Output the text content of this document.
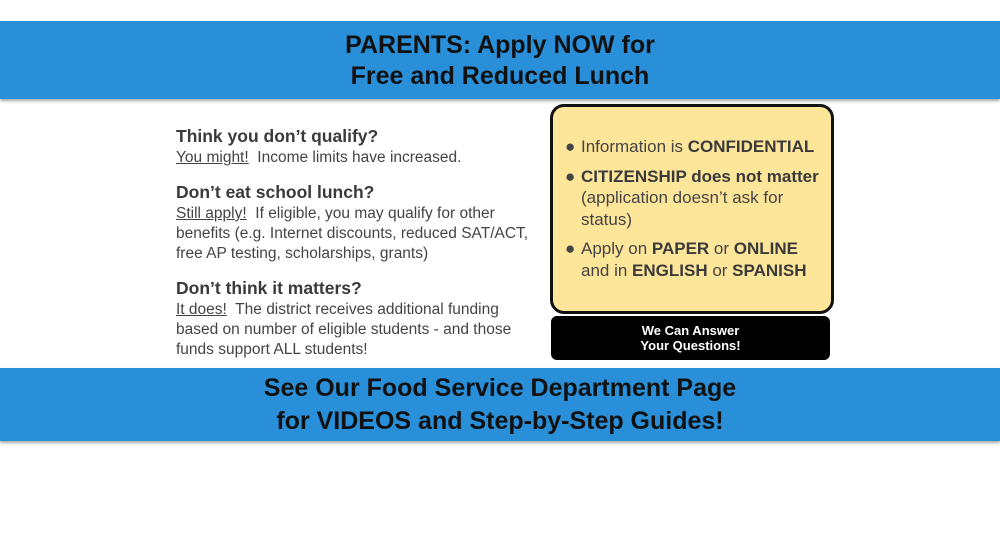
PARENTS: Apply NOW for
Free and Reduced Lunch
Think you don’t qualify?
You might!  Income limits have increased.
Don’t eat school lunch?
Still apply!  If eligible, you may qualify for other benefits (e.g. Internet discounts, reduced SAT/ACT, free AP testing, scholarships, grants)
Don’t think it matters?
It does!  The district receives additional funding based on number of eligible students - and those funds support ALL students!
● Information is CONFIDENTIAL
● CITIZENSHIP does not matter (application doesn’t ask for status)
● Apply on PAPER or ONLINE and in ENGLISH or SPANISH
We Can Answer
Your Questions!
See Our Food Service Department Page
for VIDEOS and Step-by-Step Guides!
